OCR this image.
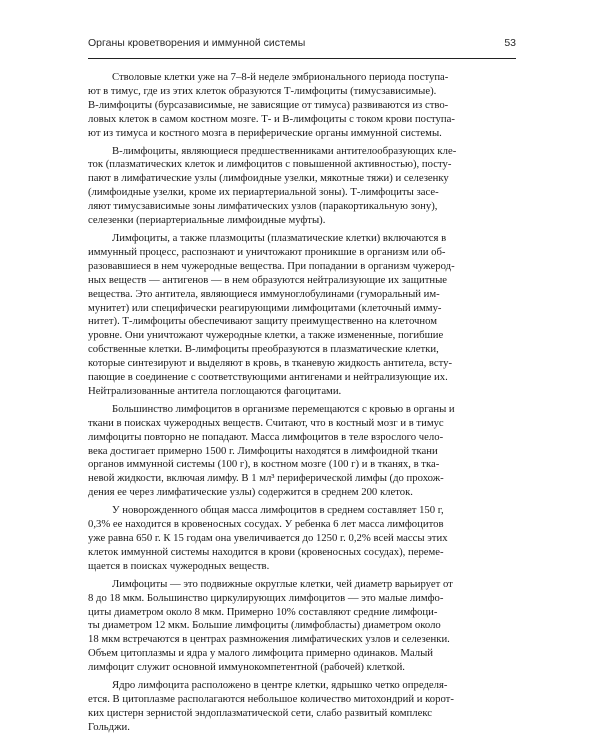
Органы кроветворения и иммунной системы	53
Стволовые клетки уже на 7–8-й неделе эмбрионального периода поступа-
ют в тимус, где из этих клеток образуются Т-лимфоциты (тимусзависимые).
В-лимфоциты (бурсазависимые, не зависящие от тимуса) развиваются из ство-
ловых клеток в самом костном мозге. Т- и В-лимфоциты с током крови поступа-
ют из тимуса и костного мозга в периферические органы иммунной системы.
В-лимфоциты, являющиеся предшественниками антителообразующих кле-
ток (плазматических клеток и лимфоцитов с повышенной активностью), посту-
пают в лимфатические узлы (лимфоидные узелки, мякотные тяжи) и селезенку
(лимфоидные узелки, кроме их периартериальной зоны). Т-лимфоциты засе-
ляют тимусзависимые зоны лимфатических узлов (паракортикальную зону),
селезенки (периартериальные лимфоидные муфты).
Лимфоциты, а также плазмоциты (плазматические клетки) включаются в
иммунный процесс, распознают и уничтожают проникшие в организм или об-
разовавшиеся в нем чужеродные вещества. При попадании в организм чужерод-
ных веществ — антигенов — в нем образуются нейтрализующие их защитные
вещества. Это антитела, являющиеся иммуноглобулинами (гуморальный им-
мунитет) или специфически реагирующими лимфоцитами (клеточный имму-
нитет). Т-лимфоциты обеспечивают защиту преимущественно на клеточном
уровне. Они уничтожают чужеродные клетки, а также измененные, погибшие
собственные клетки. В-лимфоциты преобразуются в плазматические клетки,
которые синтезируют и выделяют в кровь, в тканевую жидкость антитела, всту-
пающие в соединение с соответствующими антигенами и нейтрализующие их.
Нейтрализованные антитела поглощаются фагоцитами.
Большинство лимфоцитов в организме перемещаются с кровью в органы и
ткани в поисках чужеродных веществ. Считают, что в костный мозг и в тимус
лимфоциты повторно не попадают. Масса лимфоцитов в теле взрослого чело-
века достигает примерно 1500 г. Лимфоциты находятся в лимфоидной ткани
органов иммунной системы (100 г), в костном мозге (100 г) и в тканях, в тка-
невой жидкости, включая лимфу. В 1 мл³ периферической лимфы (до прохож-
дения ее через лимфатические узлы) содержится в среднем 200 клеток.
У новорожденного общая масса лимфоцитов в среднем составляет 150 г,
0,3% ее находится в кровеносных сосудах. У ребенка 6 лет масса лимфоцитов
уже равна 650 г. К 15 годам она увеличивается до 1250 г. 0,2% всей массы этих
клеток иммунной системы находится в крови (кровеносных сосудах), переме-
щается в поисках чужеродных веществ.
Лимфоциты — это подвижные округлые клетки, чей диаметр варьирует от
8 до 18 мкм. Большинство циркулирующих лимфоцитов — это малые лимфо-
циты диаметром около 8 мкм. Примерно 10% составляют средние лимфоци-
ты диаметром 12 мкм. Большие лимфоциты (лимфобласты) диаметром около
18 мкм встречаются в центрах размножения лимфатических узлов и селезенки.
Объем цитоплазмы и ядра у малого лимфоцита примерно одинаков. Малый
лимфоцит служит основной иммунокомпетентной (рабочей) клеткой.
Ядро лимфоцита расположено в центре клетки, ядрышко четко определя-
ется. В цитоплазме располагаются небольшое количество митохондрий и корот-
ких цистерн зернистой эндоплазматической сети, слабо развитый комплекс
Гольджи.
